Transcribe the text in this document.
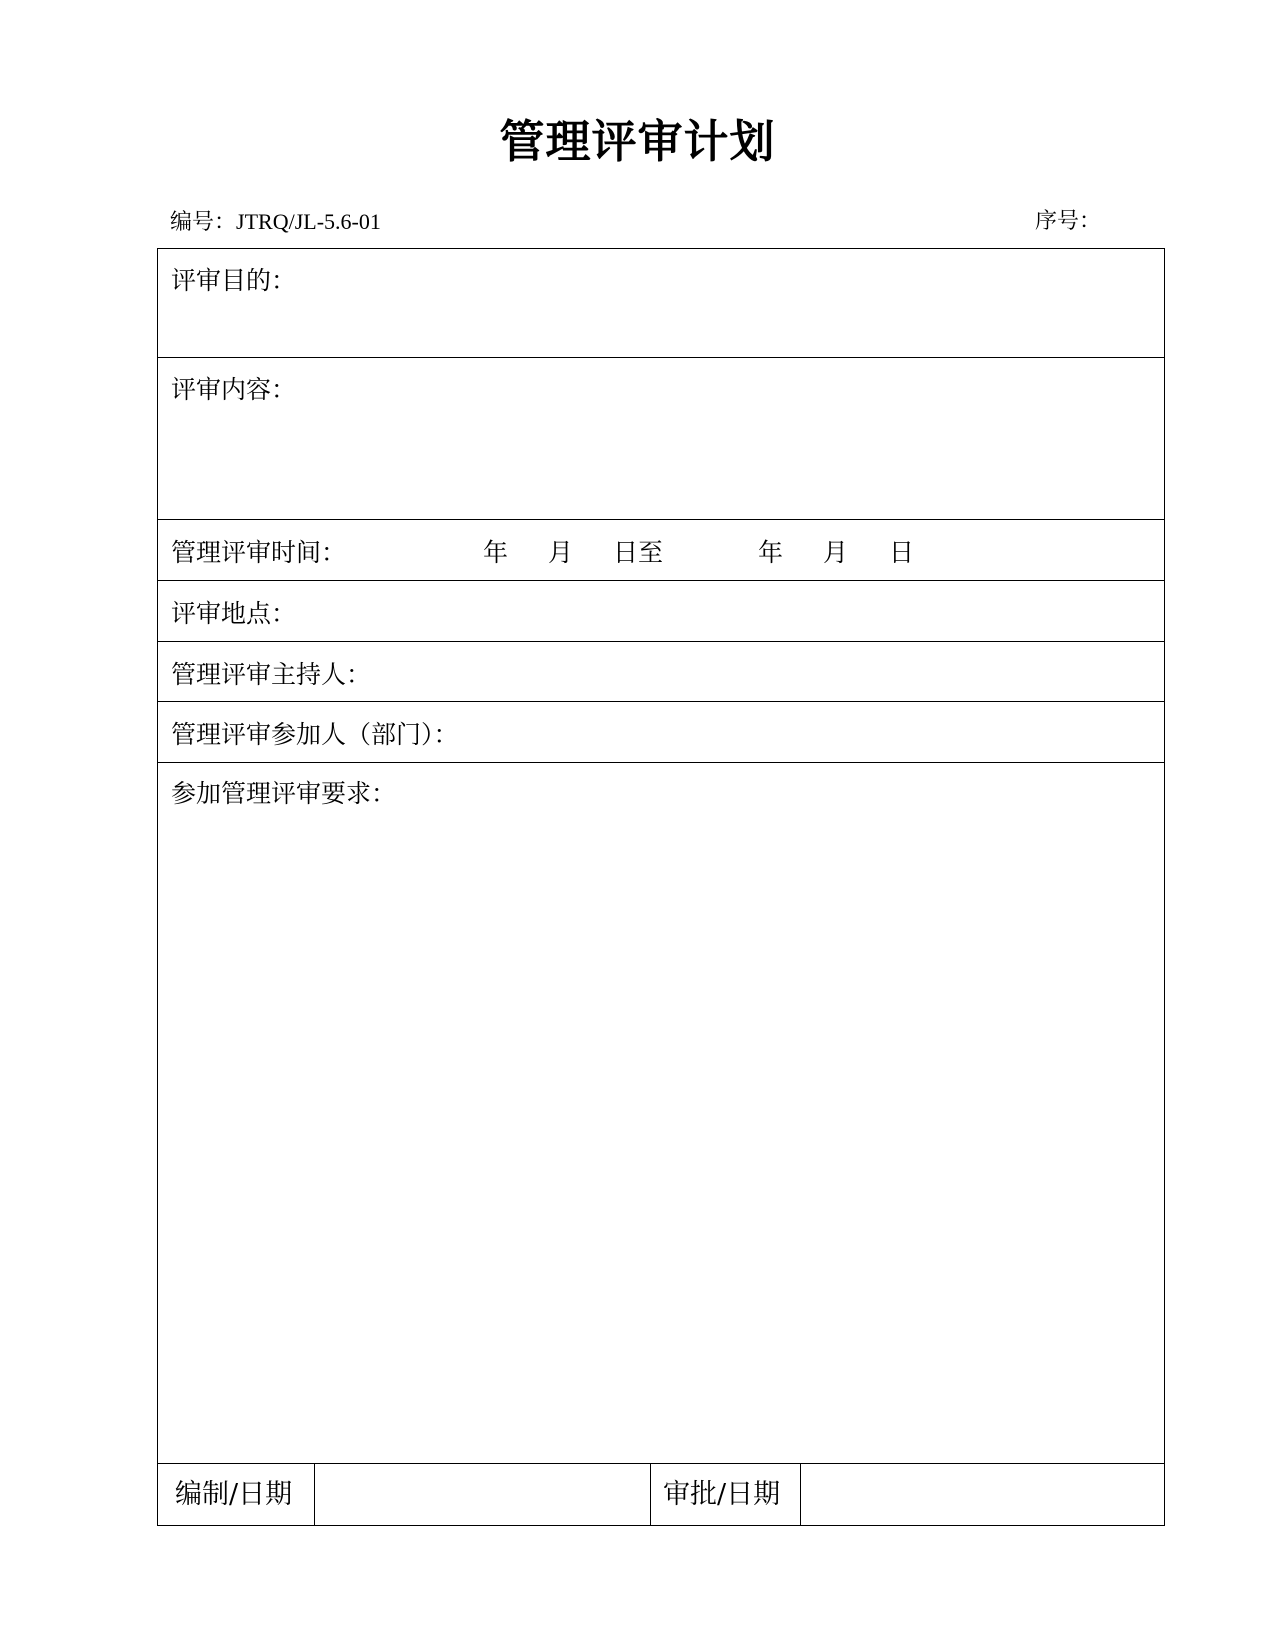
管理评审计划
编号：JTRQ/JL-5.6-01	序号：
评审目的：
评审内容：
管理评审时间：	年 月 日至	年 月 日
评审地点：
管理评审主持人：
管理评审参加人（部门）：
参加管理评审要求：
编制/日期	审批/日期
